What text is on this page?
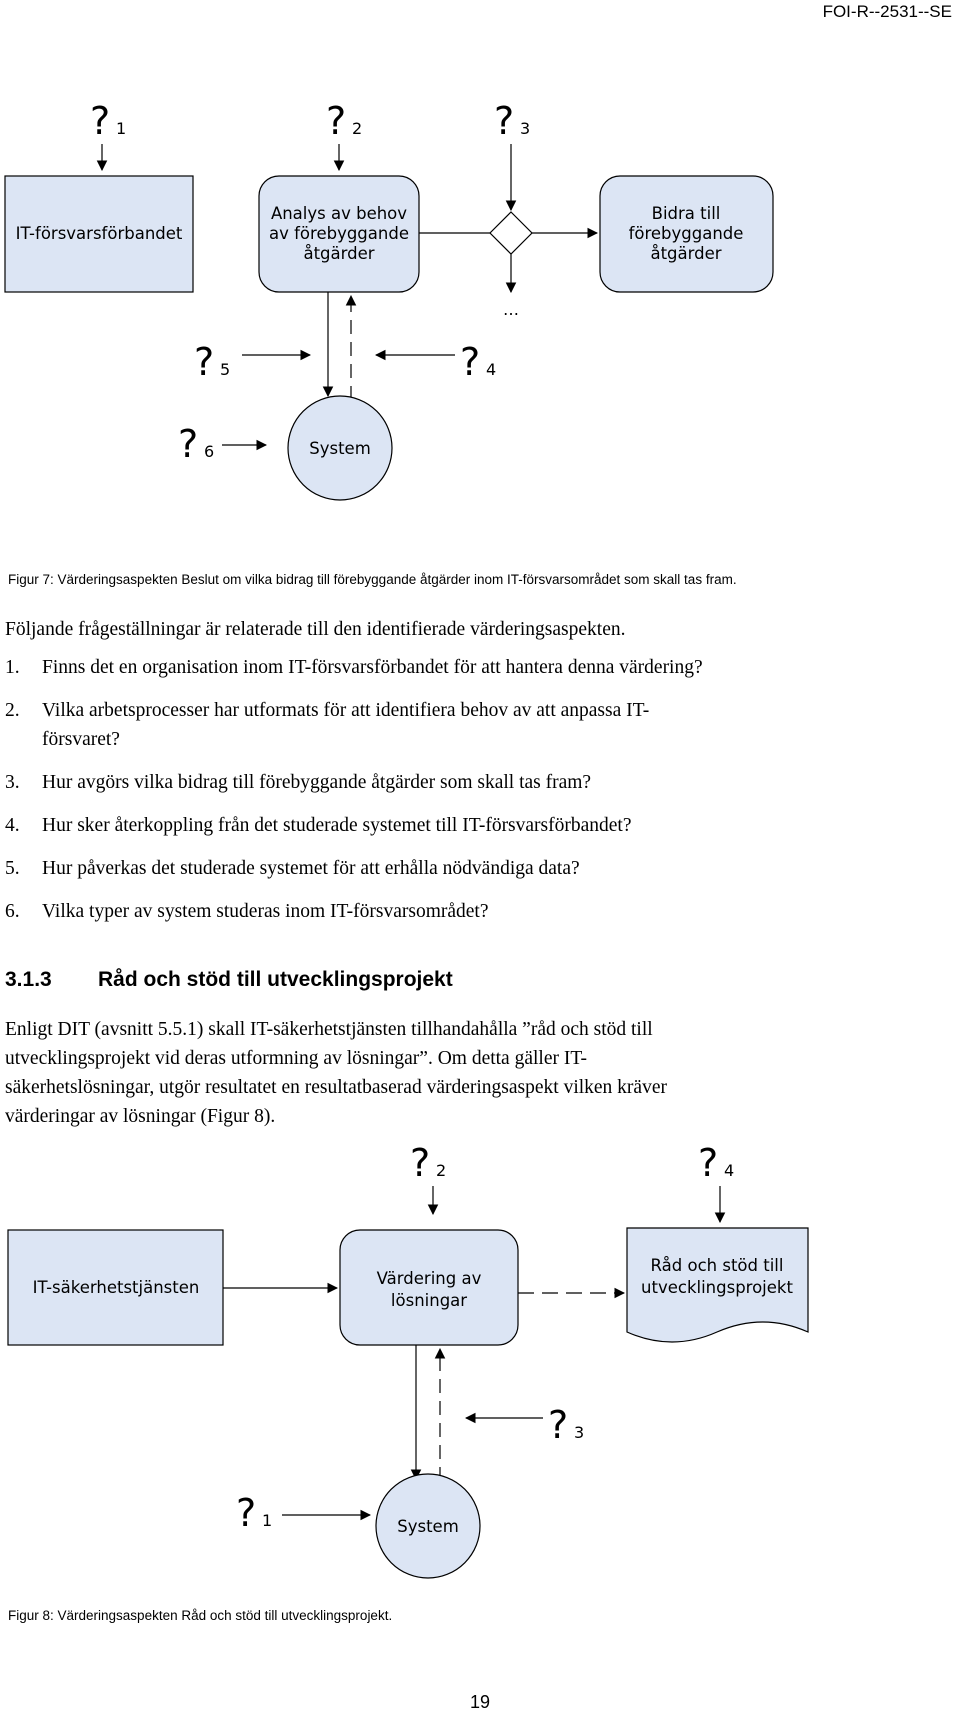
FOI-R--2531--SE
? 1	? 2	? 3
? 5	? 4
? 6
IT-försvarsförbandet
Analys av behov
av förebyggande
åtgärder
Bidra till
förebyggande
åtgärder
…
System
Figur 7: Värderingsaspekten Beslut om vilka bidrag till förebyggande åtgärder inom IT-försvarsområdet som skall tas fram.
Följande frågeställningar är relaterade till den identifierade värderingsaspekten.
1. Finns det en organisation inom IT-försvarsförbandet för att hantera denna värdering?
2. Vilka arbetsprocesser har utformats för att identifiera behov av att anpassa IT-
försvaret?
3. Hur avgörs vilka bidrag till förebyggande åtgärder som skall tas fram?
4. Hur sker återkoppling från det studerade systemet till IT-försvarsförbandet?
5. Hur påverkas det studerade systemet för att erhålla nödvändiga data?
6. Vilka typer av system studeras inom IT-försvarsområdet?
3.1.3 Råd och stöd till utvecklingsprojekt
Enligt DIT (avsnitt 5.5.1) skall IT-säkerhetstjänsten tillhandahålla ”råd och stöd till
utvecklingsprojekt vid deras utformning av lösningar”. Om detta gäller IT-
säkerhetslösningar, utgör resultatet en resultatbaserad värderingsaspekt vilken kräver
värderingar av lösningar (Figur 8).
? 2	? 4
? 3
? 1
IT-säkerhetstjänsten	Värdering av
lösningar
Råd och stöd till
utvecklingsprojekt
System
Figur 8: Värderingsaspekten Råd och stöd till utvecklingsprojekt.
19
